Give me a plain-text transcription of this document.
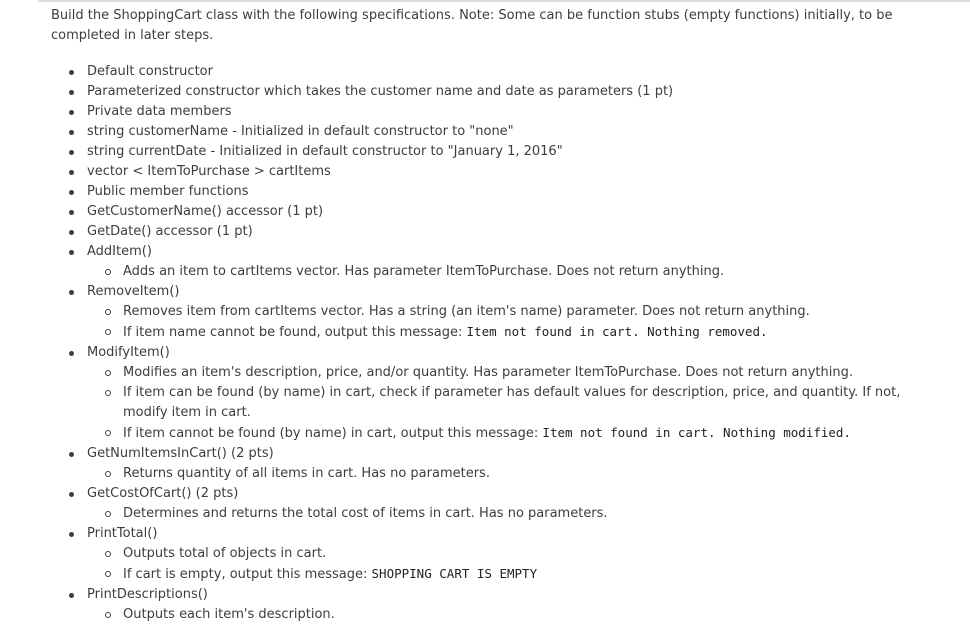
Build the ShoppingCart class with the following specifications. Note: Some can be function stubs (empty functions) initially, to be completed in later steps.

Default constructor
Parameterized constructor which takes the customer name and date as parameters (1 pt)
Private data members
string customerName - Initialized in default constructor to "none"
string currentDate - Initialized in default constructor to "January 1, 2016"
vector < ItemToPurchase > cartItems
Public member functions
GetCustomerName() accessor (1 pt)
GetDate() accessor (1 pt)
AddItem()
Adds an item to cartItems vector. Has parameter ItemToPurchase. Does not return anything.
RemoveItem()
Removes item from cartItems vector. Has a string (an item's name) parameter. Does not return anything.
If item name cannot be found, output this message: Item not found in cart. Nothing removed.
ModifyItem()
Modifies an item's description, price, and/or quantity. Has parameter ItemToPurchase. Does not return anything.
If item can be found (by name) in cart, check if parameter has default values for description, price, and quantity. If not, modify item in cart.
If item cannot be found (by name) in cart, output this message: Item not found in cart. Nothing modified.
GetNumItemsInCart() (2 pts)
Returns quantity of all items in cart. Has no parameters.
GetCostOfCart() (2 pts)
Determines and returns the total cost of items in cart. Has no parameters.
PrintTotal()
Outputs total of objects in cart.
If cart is empty, output this message: SHOPPING CART IS EMPTY
PrintDescriptions()
Outputs each item's description.
